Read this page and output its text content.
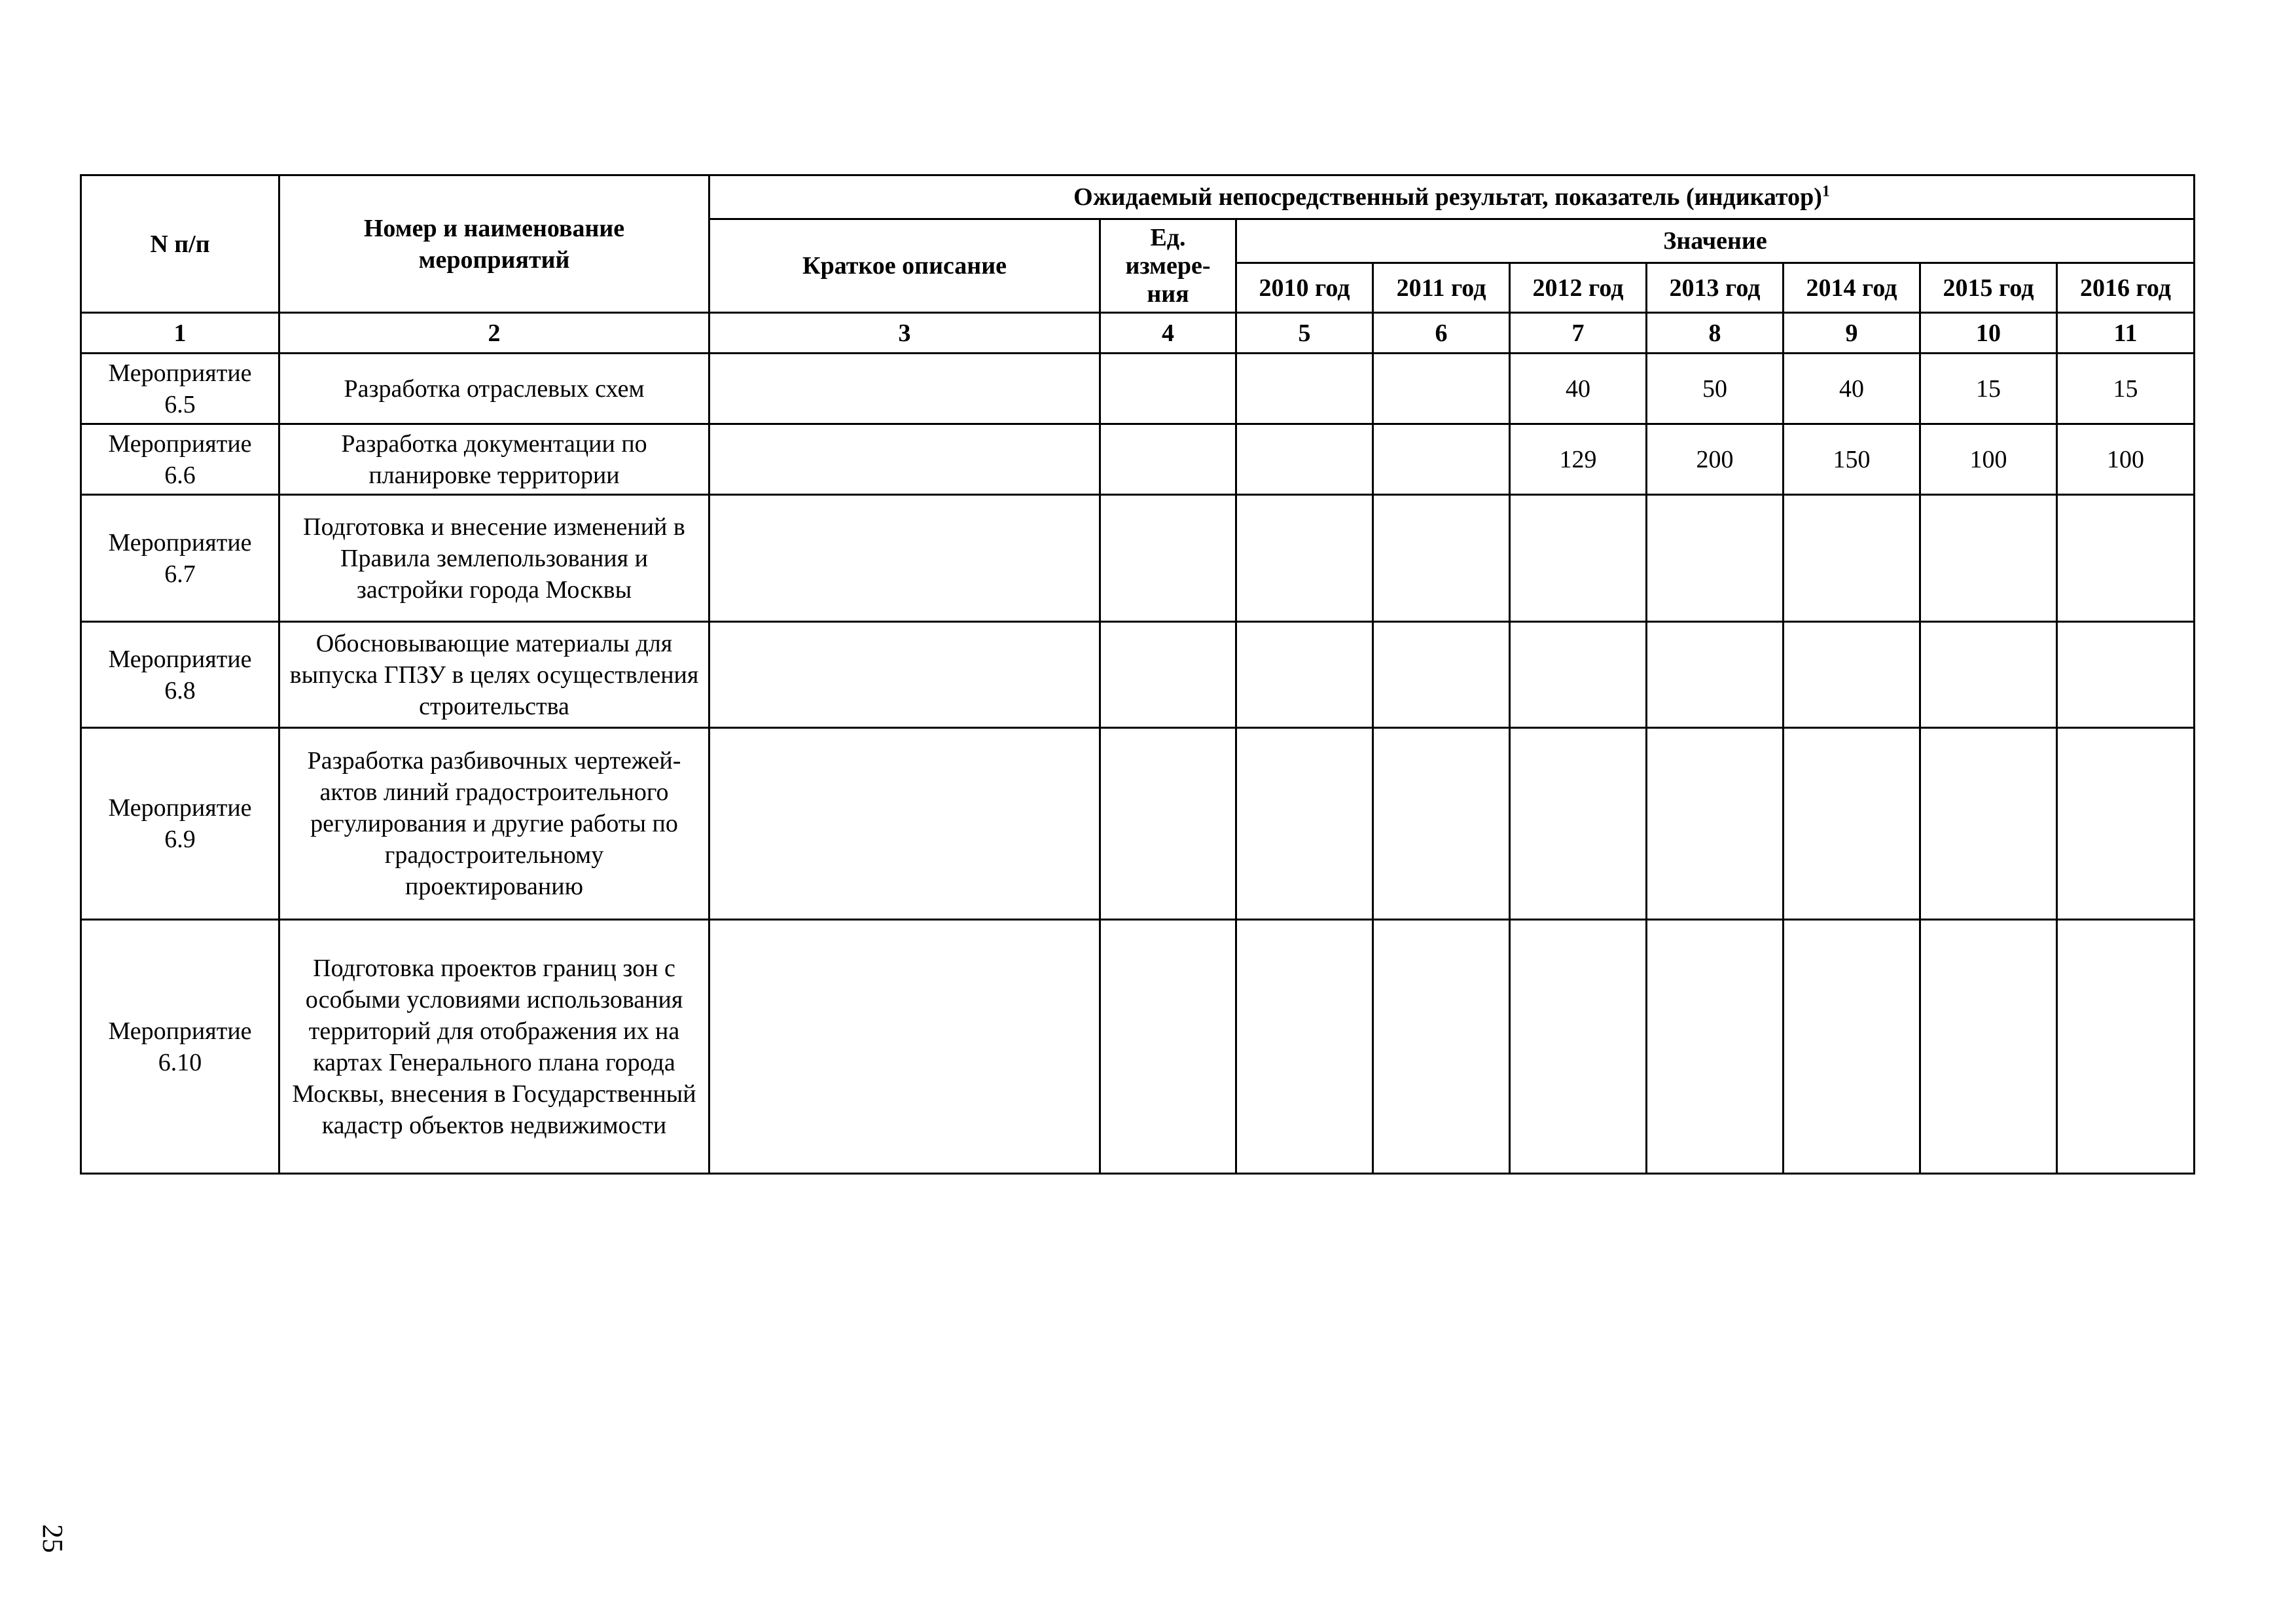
N п/п	Номер и наименование мероприятий	Ожидаемый непосредственный результат, показатель (индикатор)$^1$
		Краткое описание	Ед. измере-ния	Значение						
				2010 год	2011 год	2012 год	2013 год	2014 год	2015 год	2016 год
1	2	3	4	5	6	7	8	9	10	11
Мероприятие 6.5	Разработка отраслевых схем					40	50	40	15	15
Мероприятие 6.6	Разработка документации по планировке территории					129	200	150	100	100
Мероприятие 6.7	Подготовка и внесение изменений в Правила землепользования и застройки города Москвы									
Мероприятие 6.8	Обосновывающие материалы для выпуска ГПЗУ в целях осуществления строительства									
Мероприятие 6.9	Разработка разбивочных чертежей-актов линий градостроительного регулирования и другие работы по градостроительному проектированию									
Мероприятие 6.10	Подготовка проектов границ зон с особыми условиями использования территорий для отображения их на картах Генерального плана города Москвы, внесения в Государственный кадастр объектов недвижимости									
25
